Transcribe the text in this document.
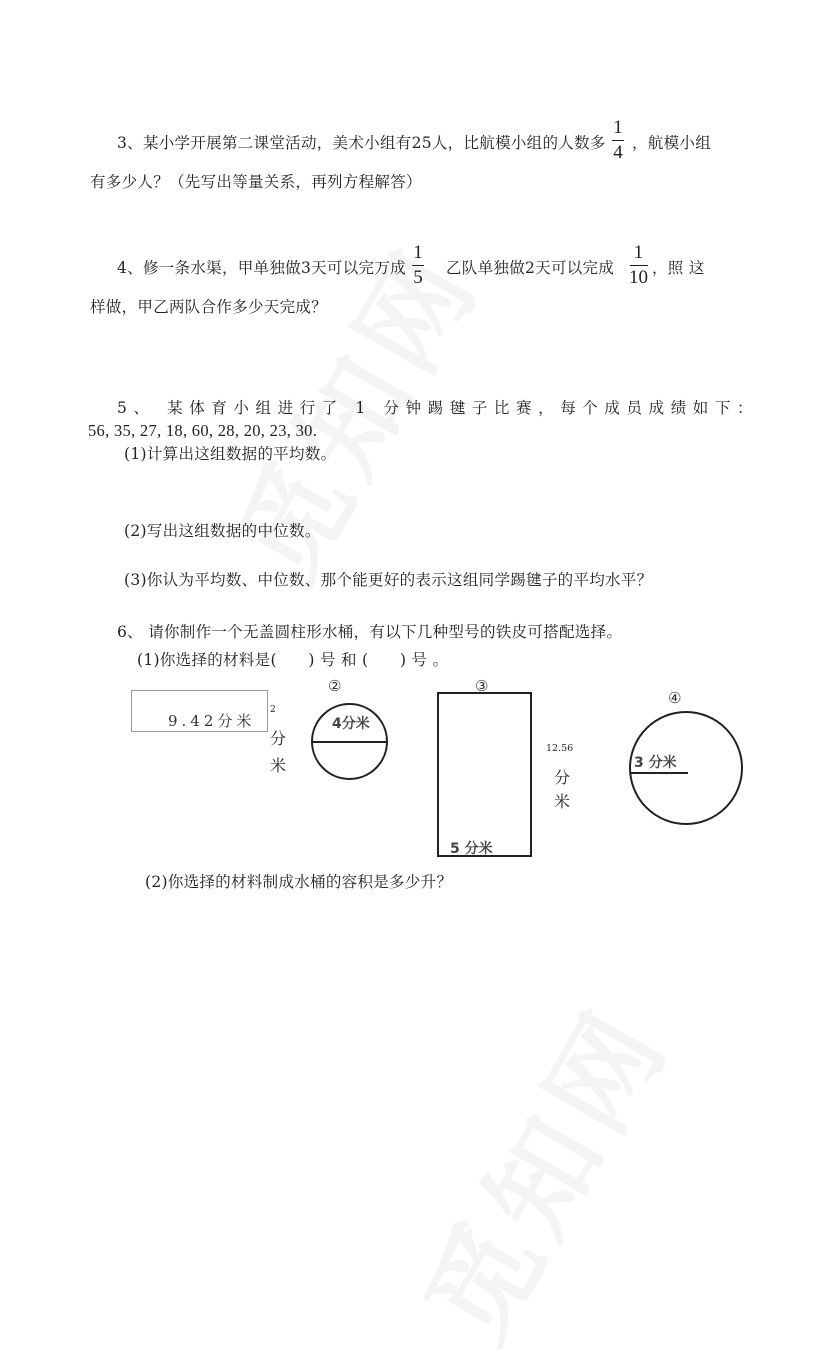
3、某小学开展第二课堂活动，美术小组有25人，比航模小组的人数多
1
4 ，航模小组
有多少人？（先写出等量关系，再列方程解答）
4、修一条水渠，甲单独做3天可以完万成
1
5 乙队单独做2天可以完成
1
10 ，照 这
样做，甲乙两队合作多少天完成？
5、 某体育小组进行了 1 分钟踢毽子比赛，每个成员成绩如下：
56, 35, 27, 18, 60, 28, 20, 23, 30.
(1)计算出这组数据的平均数。
(2)写出这组数据的中位数。
(3)你认为平均数、中位数、那个能更好的表示这组同学踢毽子的平均水平？
6、 请你制作一个无盖圆柱形水桶，有以下几种型号的铁皮可搭配选择。
(1)你选择的材料是(　　) 号 和 (　　) 号 。
9.42分米
2
分
米
②
4分米
③
5 分米
12.56
分
米
④
3 分米
(2)你选择的材料制成水桶的容积是多少升？
